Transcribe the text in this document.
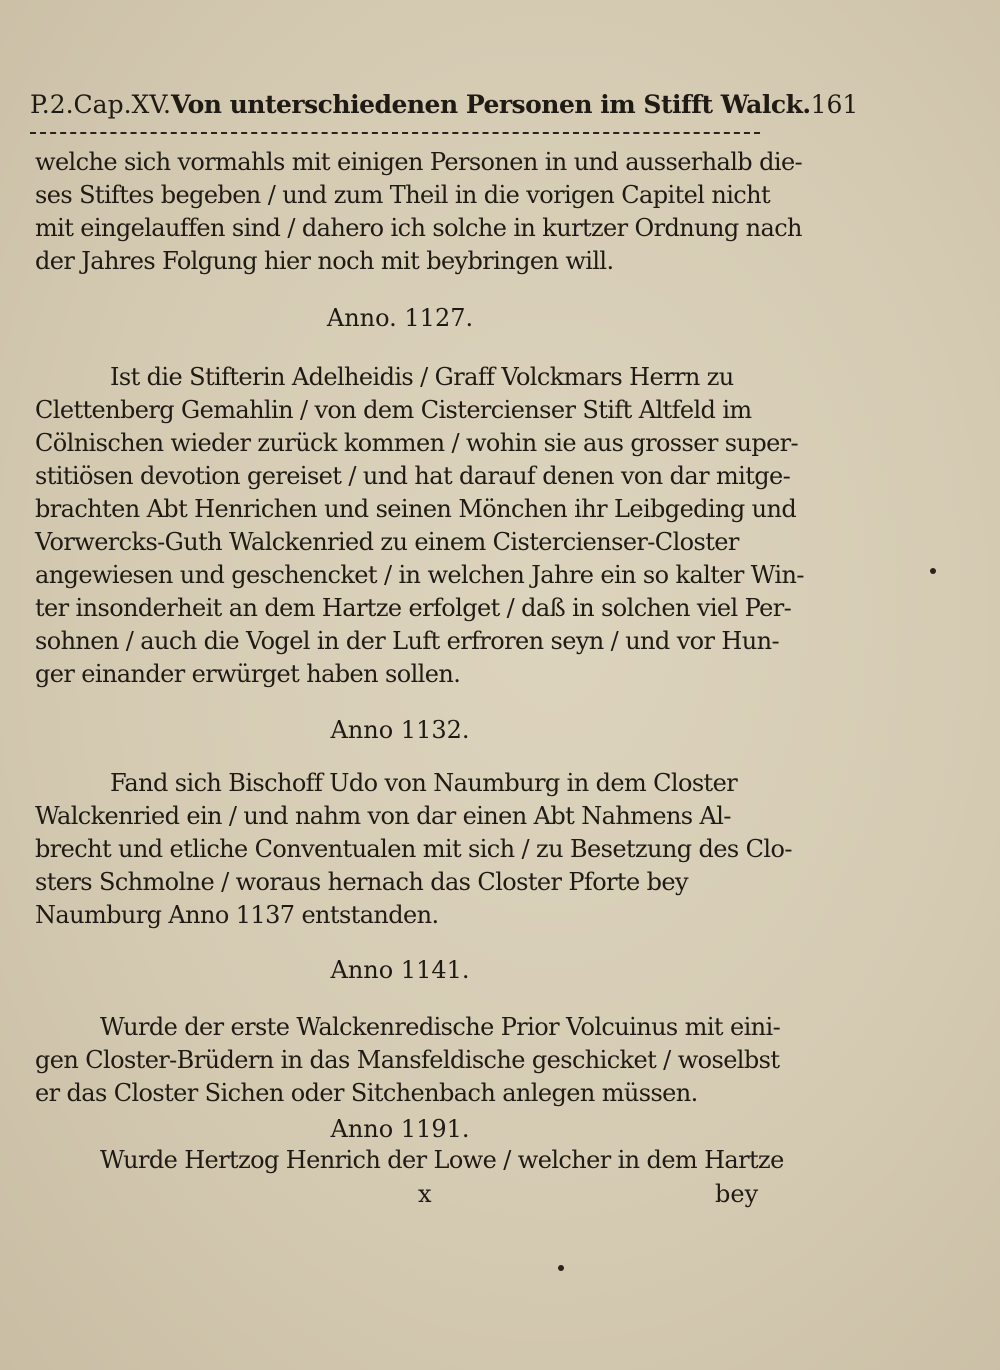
P.2.Cap.XV. Von unterschiedenen Personen im Stifft Walck. 161
welche sich vormahls mit einigen Personen in und ausserhalb die-
ses Stiftes begeben / und zum Theil in die vorigen Capitel nicht
mit eingelauffen sind / dahero ich solche in kurtzer Ordnung nach
der Jahres Folgung hier noch mit beybringen will.
Anno. 1127.
Ist die Stifterin Adelheidis / Graff Volckmars Herrn zu
Clettenberg Gemahlin / von dem Cistercienser Stift Altfeld im
Cölnischen wieder zurück kommen / wohin sie aus grosser super-
stitiösen devotion gereiset / und hat darauf denen von dar mitge-
brachten Abt Henrichen und seinen Mönchen ihr Leibgeding und
Vorwercks-Guth Walckenried zu einem Cistercienser-Closter
angewiesen und geschencket / in welchen Jahre ein so kalter Win-
ter insonderheit an dem Hartze erfolget / daß in solchen viel Per-
sohnen / auch die Vogel in der Luft erfroren seyn / und vor Hun-
ger einander erwürget haben sollen.
Anno 1132.
Fand sich Bischoff Udo von Naumburg in dem Closter
Walckenried ein / und nahm von dar einen Abt Nahmens Al-
brecht und etliche Conventualen mit sich / zu Besetzung des Clo-
sters Schmolne / woraus hernach das Closter Pforte bey
Naumburg Anno 1137 entstanden.
Anno 1141.
Wurde der erste Walckenredische Prior Volcuinus mit eini-
gen Closter-Brüdern in das Mansfeldische geschicket / woselbst
er das Closter Sichen oder Sitchenbach anlegen müssen.
Anno 1191.
Wurde Hertzog Henrich der Lowe / welcher in dem Hartze
x	bey
